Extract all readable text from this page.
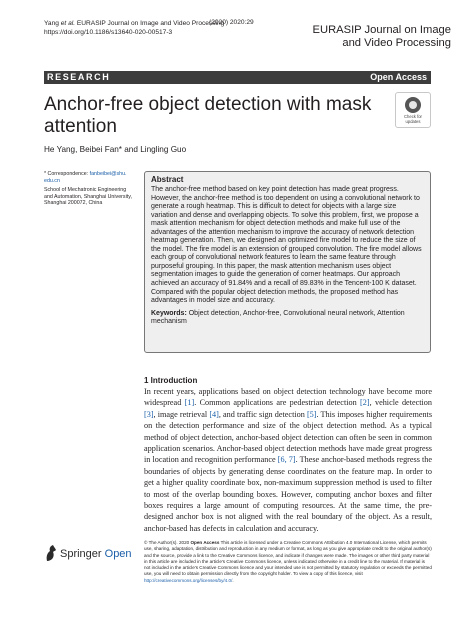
Yang et al. EURASIP Journal on Image and Video Processing
https://doi.org/10.1186/s13640-020-00517-3
(2020) 2020:29
EURASIP Journal on Image
and Video Processing
RESEARCH	Open Access
Anchor-free object detection with mask attention
He Yang, Beibei Fan* and Lingling Guo
Check for
updates
* Correspondence: fanbeibei@shu.
edu.cn
School of Mechatronic Engineering and Automation, Shanghai University, Shanghai 200072, China
Abstract
The anchor-free method based on key point detection has made great progress. However, the anchor-free method is too dependent on using a convolutional network to generate a rough heatmap. This is difficult to detect for objects with a large size variation and dense and overlapping objects. To solve this problem, first, we propose a mask attention mechanism for object detection methods and make full use of the advantages of the attention mechanism to improve the accuracy of network detection heatmap generation. Then, we designed an optimized fire model to reduce the size of the model. The fire model is an extension of grouped convolution. The fire model allows each group of convolutional network features to learn the same feature through purposeful grouping. In this paper, the mask attention mechanism uses object segmentation images to guide the generation of corner heatmaps. Our approach achieved an accuracy of 91.84% and a recall of 89.83% in the Tencent-100 K dataset. Compared with the popular object detection methods, the proposed method has advantages in model size and accuracy.
Keywords: Object detection, Anchor-free, Convolutional neural network, Attention mechanism
1 Introduction
In recent years, applications based on object detection technology have become more widespread [1]. Common applications are pedestrian detection [2], vehicle detection [3], image retrieval [4], and traffic sign detection [5]. This imposes higher requirements on the detection performance and size of the object detection method. As a typical method of object detection, anchor-based object detection can often be seen in common application scenarios. Anchor-based object detection methods have made great progress in location and recognition performance [6, 7]. These anchor-based methods regress the boundaries of objects by generating dense coordinates on the feature map. In order to get a higher quality coordinate box, non-maximum suppression method is used to filter to most of the overlap bounding boxes. However, computing anchor boxes and filter boxes requires a large amount of computing resources. At the same time, the pre-designed anchor box is not aligned with the real boundary of the object. As a result, anchor-based has defects in calculation and accuracy.
Springer Open
© The Author(s). 2020 Open Access This article is licensed under a Creative Commons Attribution 4.0 International License, which permits use, sharing, adaptation, distribution and reproduction in any medium or format, as long as you give appropriate credit to the original author(s) and the source, provide a link to the Creative Commons licence, and indicate if changes were made. The images or other third party material in this article are included in the article's Creative Commons licence, unless indicated otherwise in a credit line to the material. If material is not included in the article's Creative Commons licence and your intended use is not permitted by statutory regulation or exceeds the permitted use, you will need to obtain permission directly from the copyright holder. To view a copy of this licence, visit http://creativecommons.org/licenses/by/4.0/.
